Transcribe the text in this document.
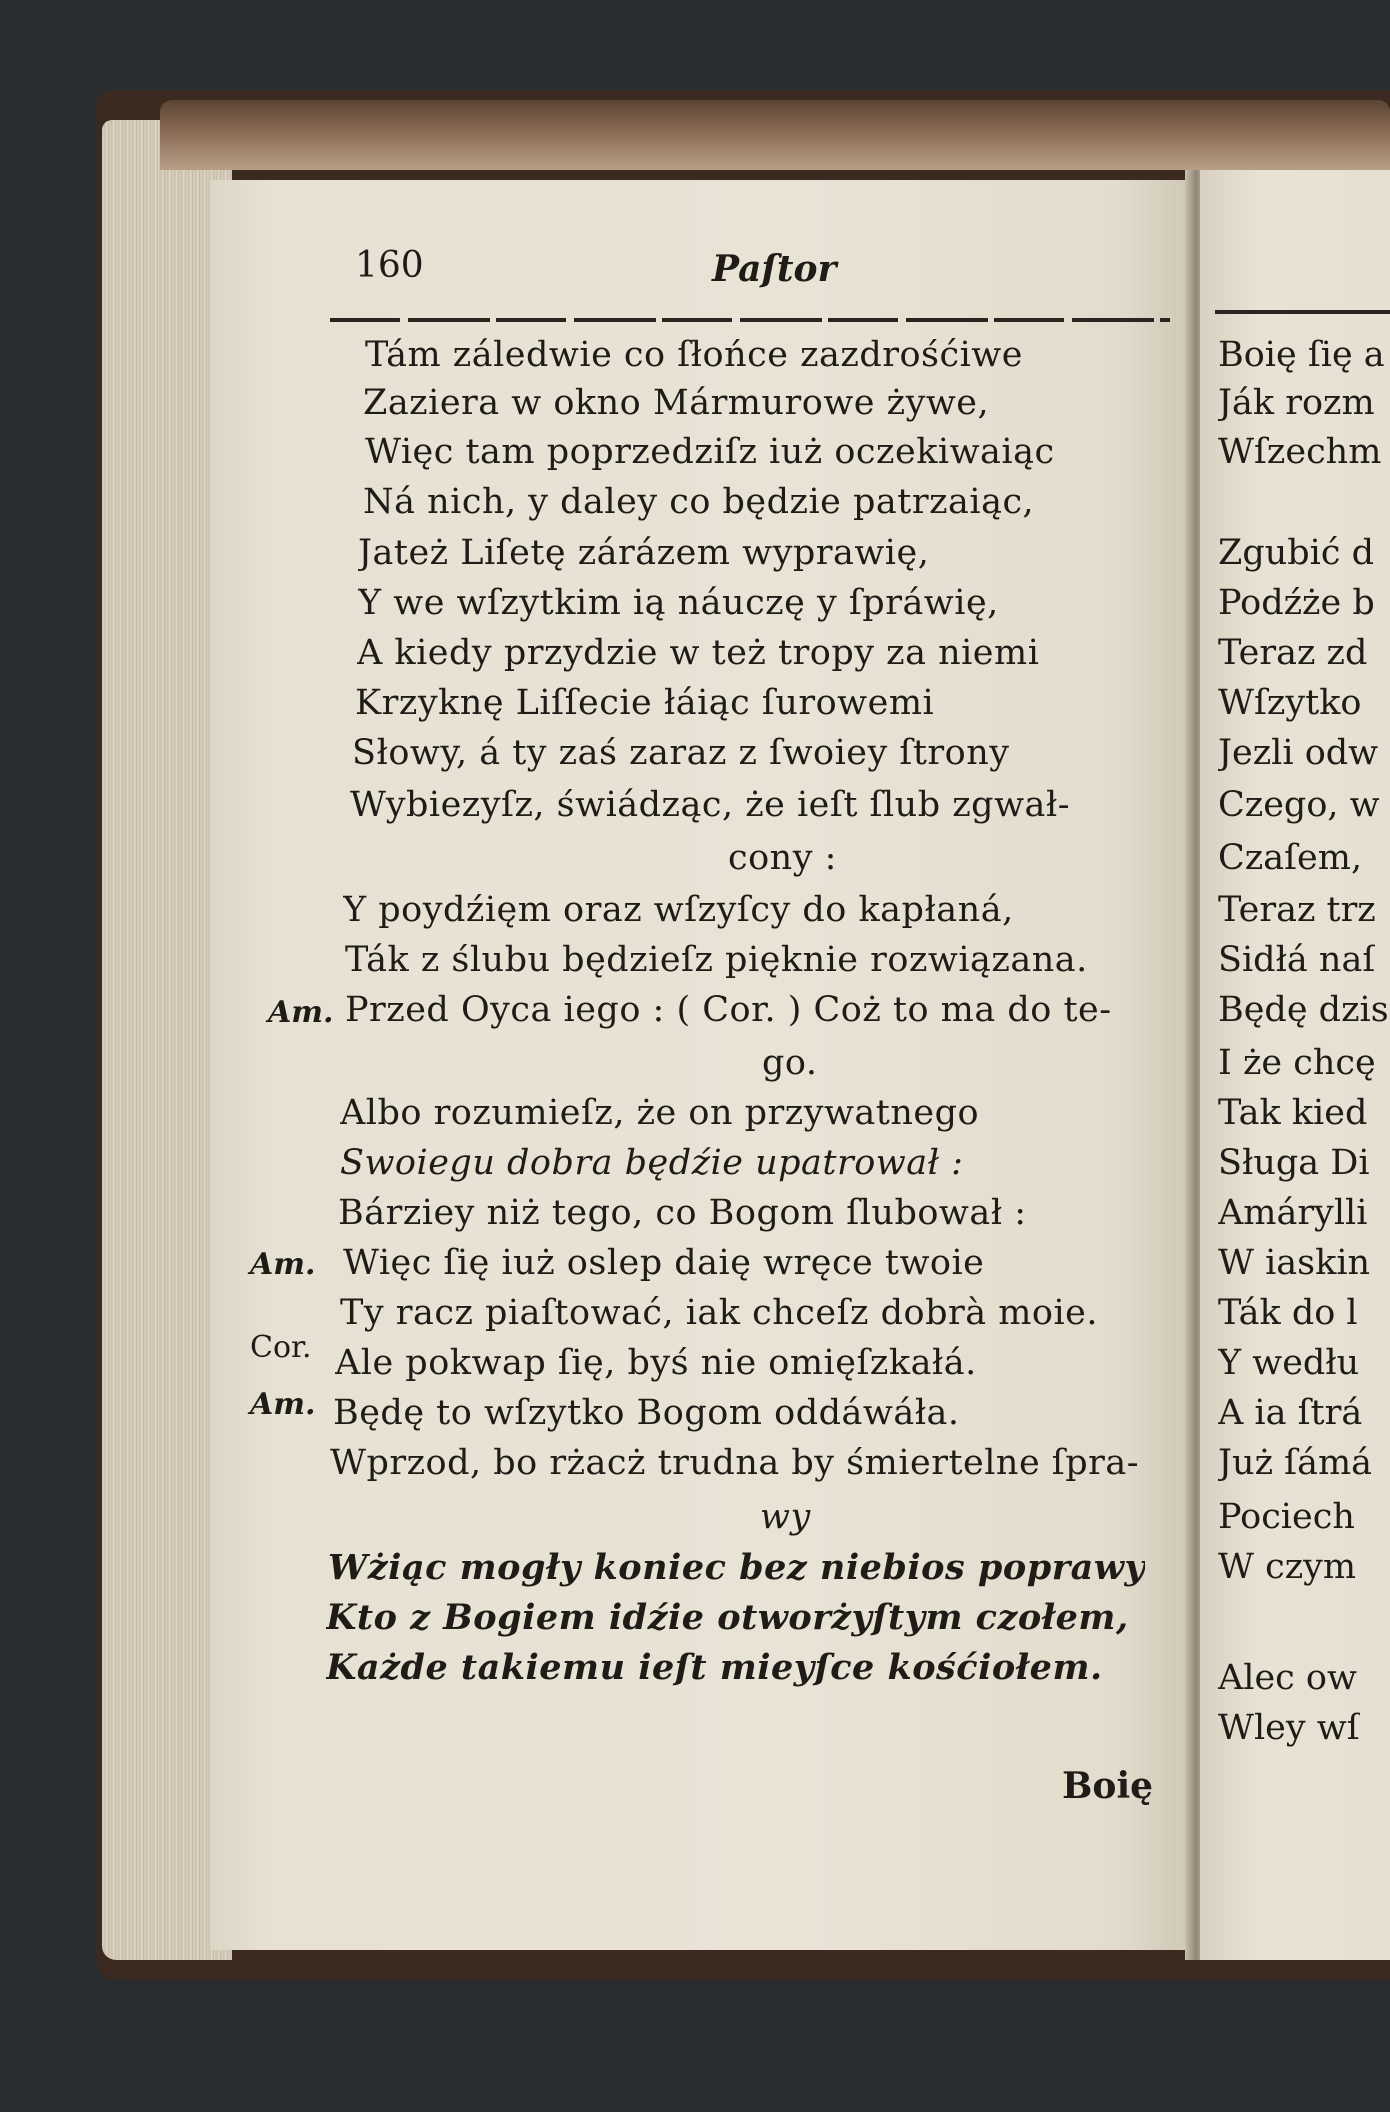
160	Paſtor
Am.
Am.
Cor.
Am.
Tám záledwie co ſłońce zazdrośćiwe
Zaziera w okno Mármurowe żywe,
Więc tam poprzedziſz iuż oczekiwaiąc
Ná nich, y daley co będzie patrzaiąc,
Jateż Liſetę zárázem wyprawię,
Y we wſzytkim ią náuczę y ſpráwię,
A kiedy przydzie w też tropy za niemi
Krzyknę Liſſecie łáiąc ſurowemi
Słowy, á ty zaś zaraz z ſwoiey ſtrony
Wybiezyſz, świádząc, że ieſt ſlub zgwał-
cony :
Y poydźięm oraz wſzyſcy do kapłaná,
Ták z ślubu będzieſz pięknie rozwiązana.
Przed Oyca iego : ( Cor. ) Coż to ma do te-
go.
Albo rozumieſz, że on przywatnego
Swoiegu dobra będźie upatrował :
Bárziey niż tego, co Bogom ſlubował :
Więc ſię iuż oslep daię wręce twoie
Ty racz piaſtować, iak chceſz dobrà moie.
Ale pokwap ſię, byś nie omięſzkałá.
Będę to wſzytko Bogom oddáwáła.
Wprzod, bo rżacż trudna by śmiertelne ſpra-
wy
Wżiąc mogły koniec bez niebios poprawy
Kto z Bogiem idźie otworżyſtym czołem,
Każde takiemu ieſt mieyſce kośćiołem.
Boię
Boię ſię a
Ják rozm
Wſzechm
Zgubić d
Podźże b
Teraz zd
Wſzytko
Jezli odw
Czego, w
Czaſem,
Teraz trz
Sidłá naſ
Będę dzis
I że chcę
Tak kied
Sługa Di
Amárylli
W iaskin
Ták do l
Y wedłu
A ia ſtrá
Już ſámá
Pociech
W czym
Alec ow
Wley wſ
